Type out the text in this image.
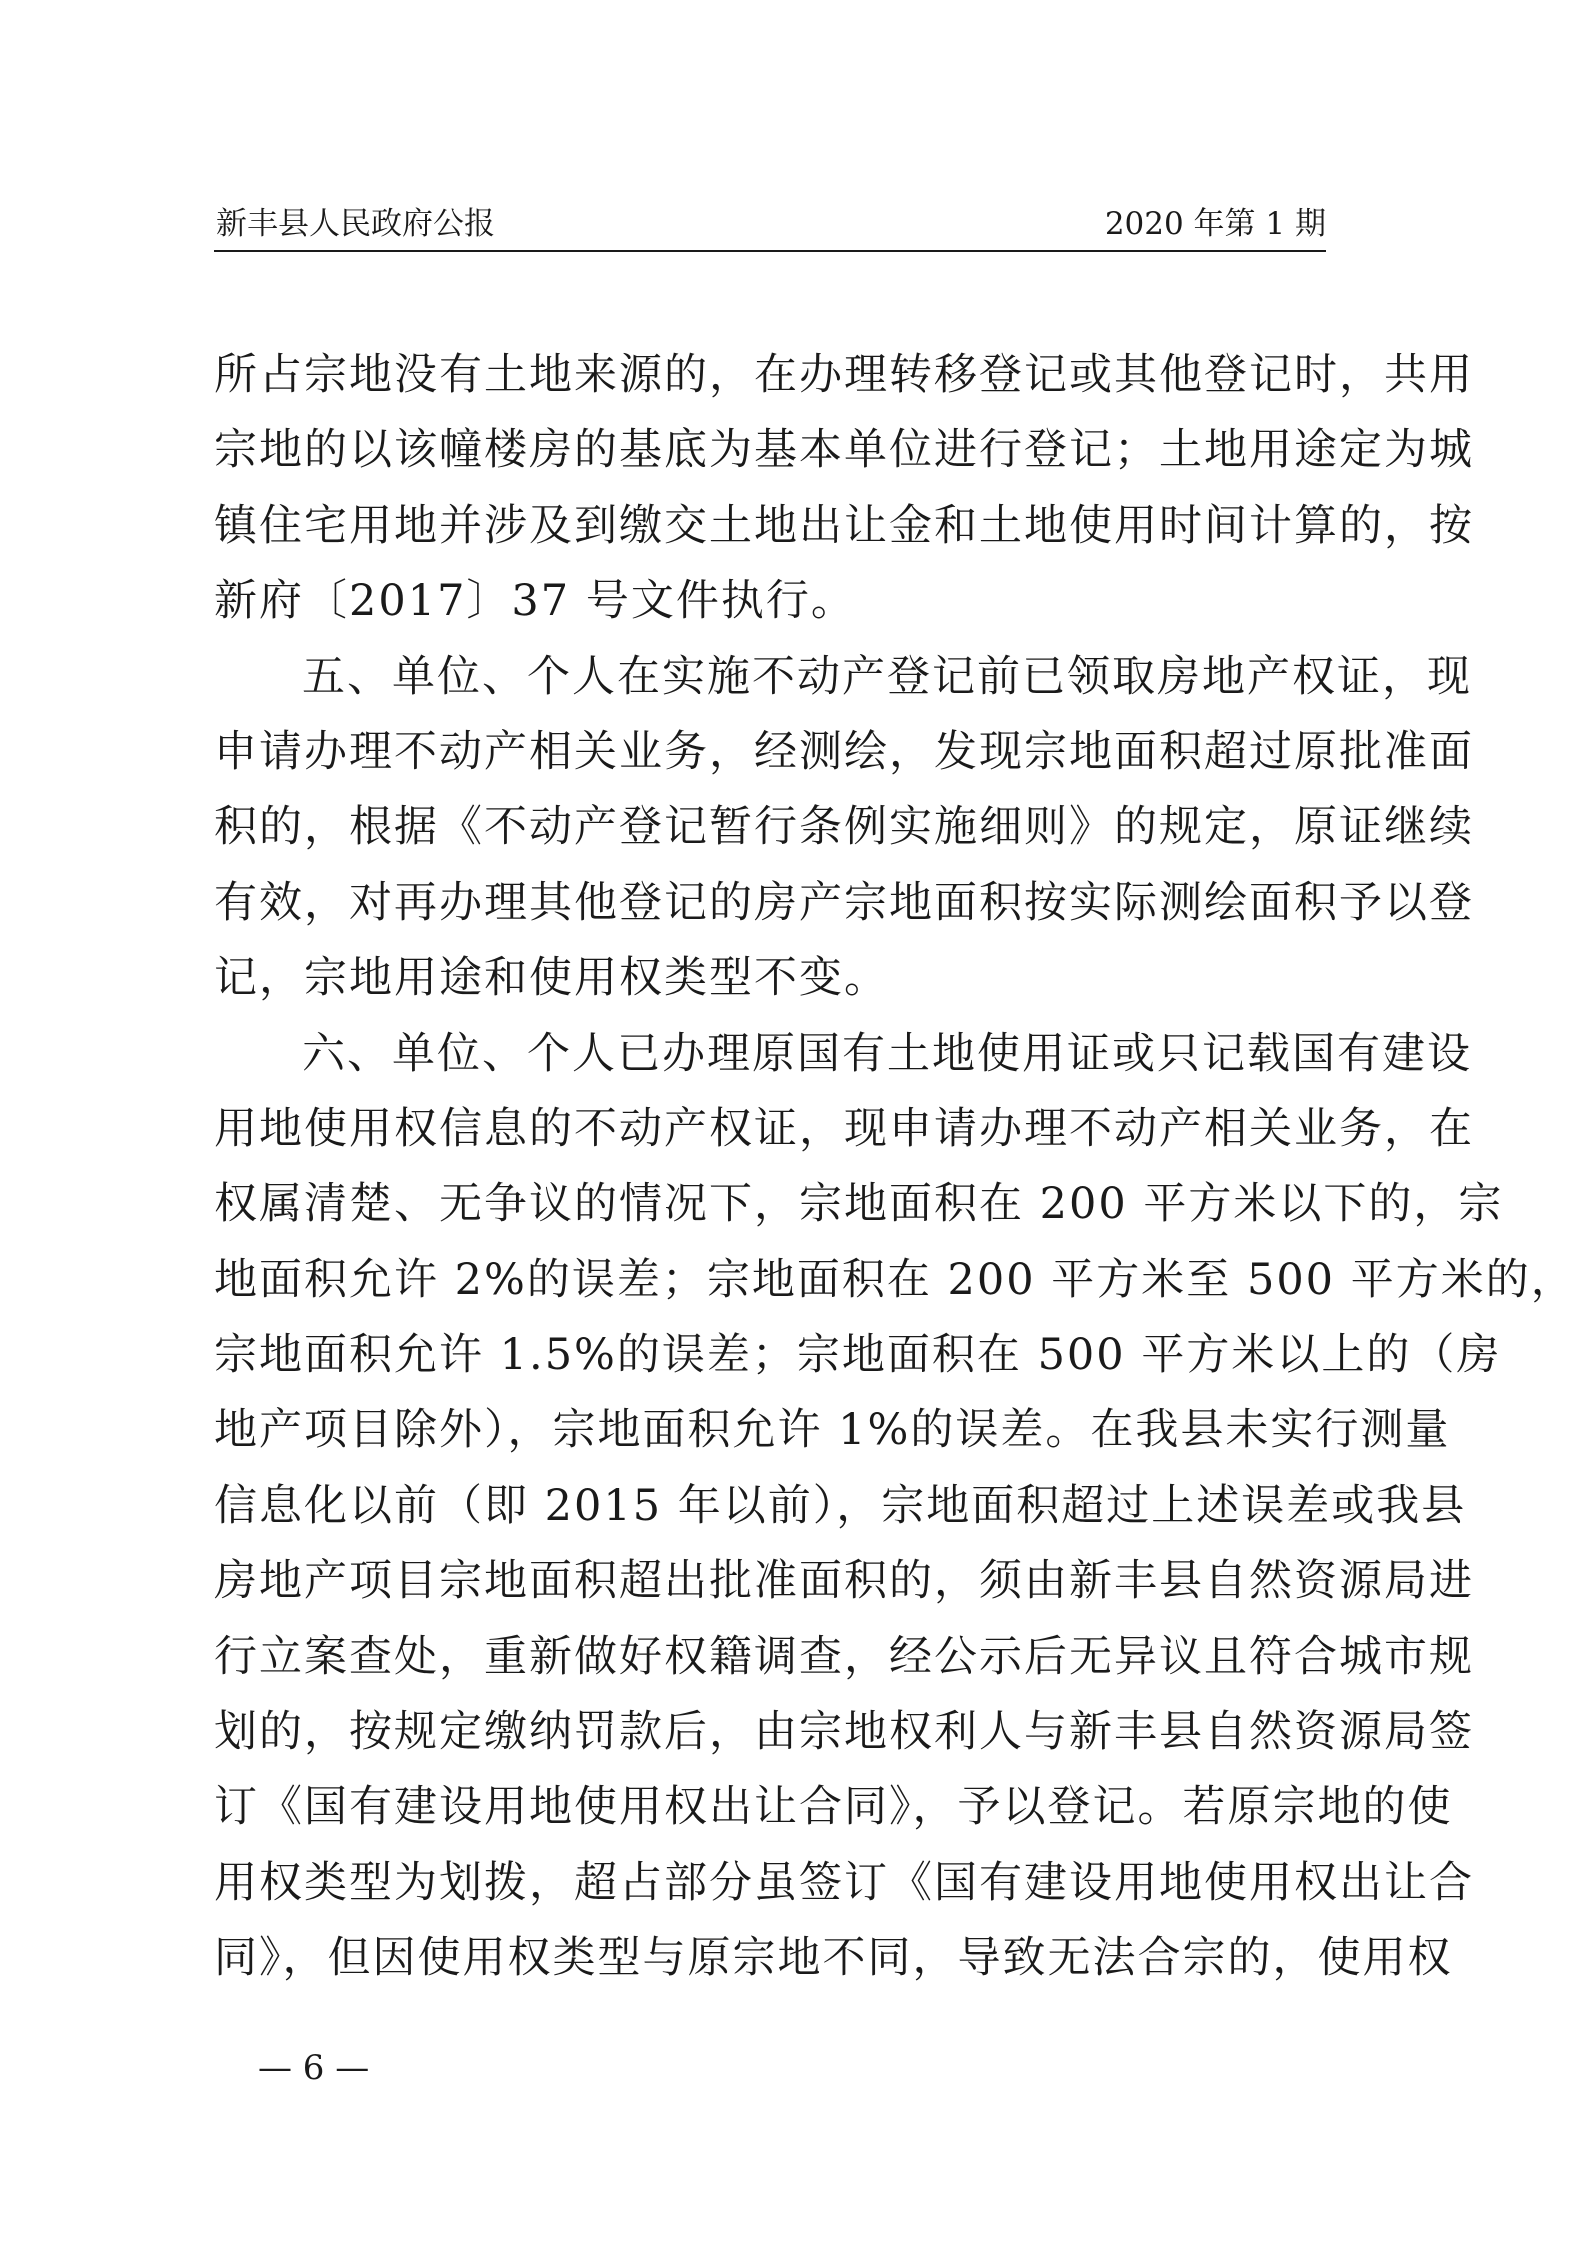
新丰县人民政府公报	2020 年第 1 期

所占宗地没有土地来源的，在办理转移登记或其他登记时，共用
宗地的以该幢楼房的基底为基本单位进行登记；土地用途定为城
镇住宅用地并涉及到缴交土地出让金和土地使用时间计算的，按
新府〔2017〕37 号文件执行。

五、单位、个人在实施不动产登记前已领取房地产权证，现
申请办理不动产相关业务，经测绘，发现宗地面积超过原批准面
积的，根据《不动产登记暂行条例实施细则》的规定，原证继续
有效，对再办理其他登记的房产宗地面积按实际测绘面积予以登
记，宗地用途和使用权类型不变。

六、单位、个人已办理原国有土地使用证或只记载国有建设
用地使用权信息的不动产权证，现申请办理不动产相关业务，在
权属清楚、无争议的情况下，宗地面积在 200 平方米以下的，宗
地面积允许 2%的误差；宗地面积在 200 平方米至 500 平方米的，
宗地面积允许 1.5%的误差；宗地面积在 500 平方米以上的（房
地产项目除外），宗地面积允许 1%的误差。在我县未实行测量
信息化以前（即 2015 年以前），宗地面积超过上述误差或我县
房地产项目宗地面积超出批准面积的，须由新丰县自然资源局进
行立案查处，重新做好权籍调查，经公示后无异议且符合城市规
划的，按规定缴纳罚款后，由宗地权利人与新丰县自然资源局签
订《国有建设用地使用权出让合同》，予以登记。若原宗地的使
用权类型为划拨，超占部分虽签订《国有建设用地使用权出让合
同》，但因使用权类型与原宗地不同，导致无法合宗的，使用权

— 6 —
